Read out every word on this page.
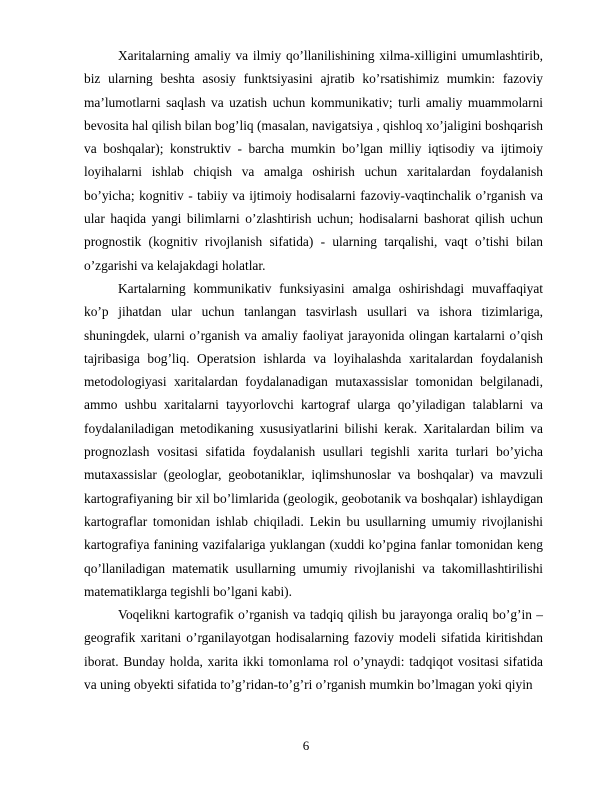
Xaritalarning amaliy va ilmiy qo’llanilishining xilma-xilligini umumlashtirib, biz ularning beshta asosiy funktsiyasini ajratib ko’rsatishimiz mumkin: fazoviy ma’lumotlarni saqlash va uzatish uchun kommunikativ; turli amaliy muammolarni bevosita hal qilish bilan bog’liq (masalan, navigatsiya , qishloq xo’jaligini boshqarish va boshqalar); konstruktiv - barcha mumkin bo’lgan milliy iqtisodiy va ijtimoiy loyihalarni ishlab chiqish va amalga oshirish uchun xaritalardan foydalanish bo’yicha; kognitiv - tabiiy va ijtimoiy hodisalarni fazoviy-vaqtinchalik o’rganish va ular haqida yangi bilimlarni o’zlashtirish uchun; hodisalarni bashorat qilish uchun prognostik (kognitiv rivojlanish sifatida) - ularning tarqalishi, vaqt o’tishi bilan o’zgarishi va kelajakdagi holatlar.

Kartalarning kommunikativ funksiyasini amalga oshirishdagi muvaffaqiyat ko’p jihatdan ular uchun tanlangan tasvirlash usullari va ishora tizimlariga, shuningdek, ularni o’rganish va amaliy faoliyat jarayonida olingan kartalarni o’qish tajribasiga bog’liq. Operatsion ishlarda va loyihalashda xaritalardan foydalanish metodologiyasi xaritalardan foydalanadigan mutaxassislar tomonidan belgilanadi, ammo ushbu xaritalarni tayyorlovchi kartograf ularga qo’yiladigan talablarni va foydalaniladigan metodikaning xususiyatlarini bilishi kerak. Xaritalardan bilim va prognozlash vositasi sifatida foydalanish usullari tegishli xarita turlari bo’yicha mutaxassislar (geologlar, geobotaniklar, iqlimshunoslar va boshqalar) va mavzuli kartografiyaning bir xil bo’limlarida (geologik, geobotanik va boshqalar) ishlaydigan kartograflar tomonidan ishlab chiqiladi. Lekin bu usullarning umumiy rivojlanishi kartografiya fanining vazifalariga yuklangan (xuddi ko’pgina fanlar tomonidan keng qo’llaniladigan matematik usullarning umumiy rivojlanishi va takomillashtirilishi matematiklarga tegishli bo’lgani kabi).

Voqelikni kartografik o’rganish va tadqiq qilish bu jarayonga oraliq bo’g’in – geografik xaritani o’rganilayotgan hodisalarning fazoviy modeli sifatida kiritishdan iborat. Bunday holda, xarita ikki tomonlama rol o’ynaydi: tadqiqot vositasi sifatida va uning obyekti sifatida to’g’ridan-to’g’ri o’rganish mumkin bo’lmagan yoki qiyin

6
